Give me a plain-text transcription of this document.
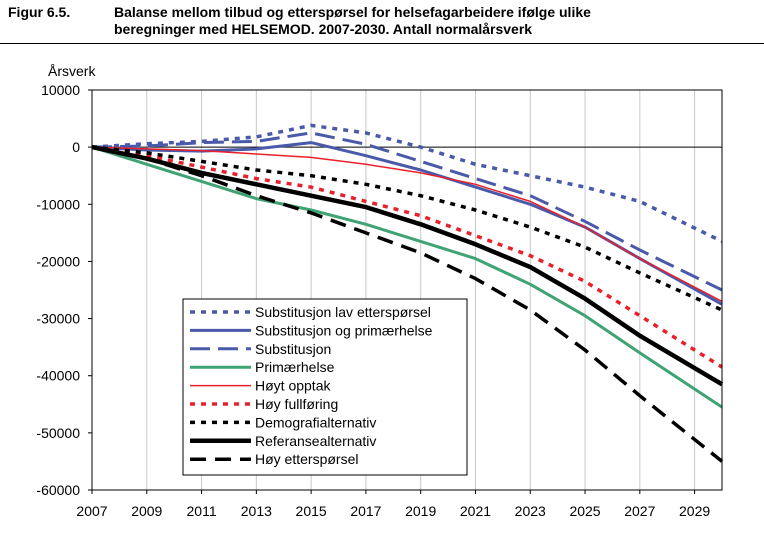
Figur 6.5.	Balanse mellom tilbud og etterspørsel for helsefagarbeidere ifølge ulike
beregninger med HELSEMOD. 2007-2030. Antall normalårsverk
10000
0
-10000
-20000
-30000
-40000
-50000
-60000
2007 2009 2011 2013 2015 2017 2019 2021 2023 2025 2027 2029
Årsverk
Substitusjon lav etterspørsel
Substitusjon og primærhelse
Substitusjon
Primærhelse
Høyt opptak
Høy fullføring
Demografialternativ
Referansealternativ
Høy etterspørsel
